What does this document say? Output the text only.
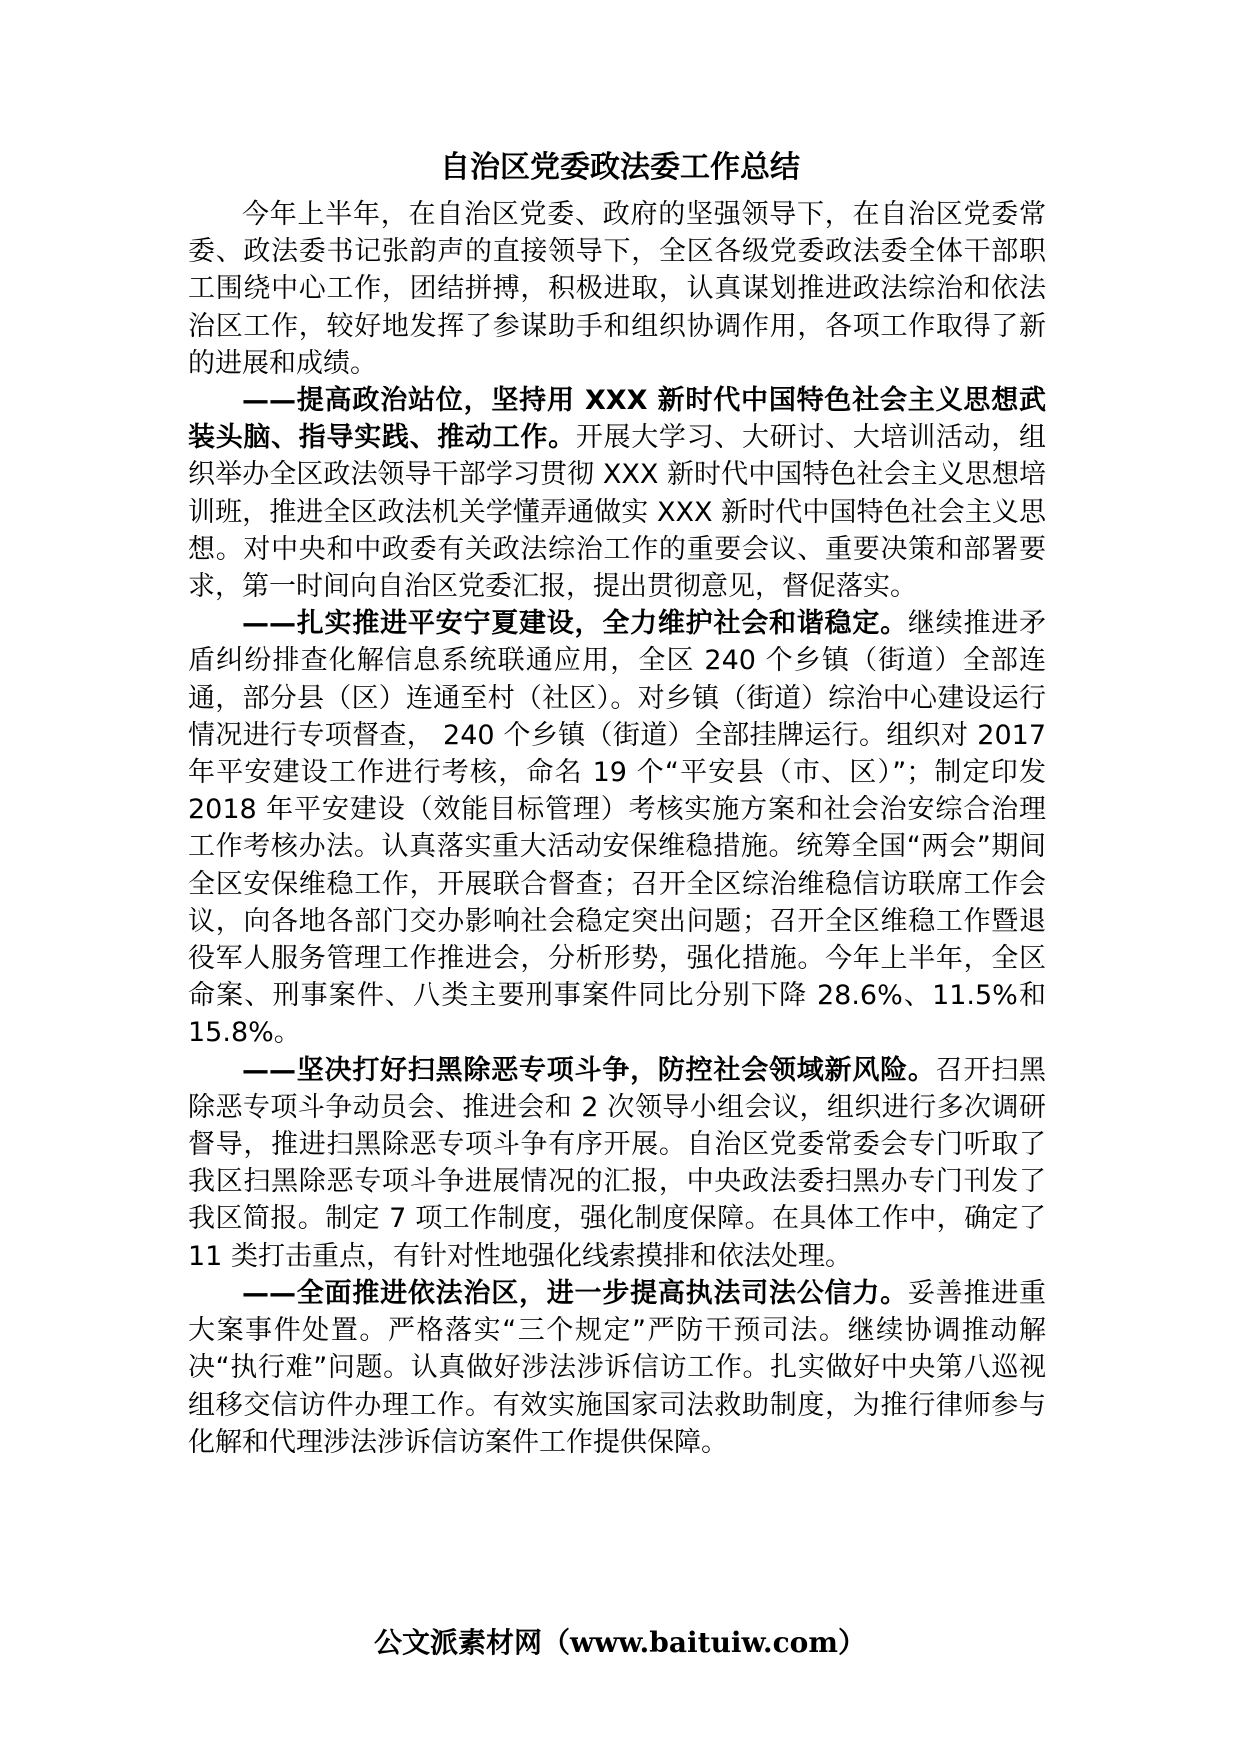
自治区党委政法委工作总结

今年上半年，在自治区党委、政府的坚强领导下，在自治区党委常委、政法委书记张韵声的直接领导下，全区各级党委政法委全体干部职工围绕中心工作，团结拼搏，积极进取，认真谋划推进政法综治和依法治区工作，较好地发挥了参谋助手和组织协调作用，各项工作取得了新的进展和成绩。

——提高政治站位，坚持用 XXX 新时代中国特色社会主义思想武装头脑、指导实践、推动工作。开展大学习、大研讨、大培训活动，组织举办全区政法领导干部学习贯彻 XXX 新时代中国特色社会主义思想培训班，推进全区政法机关学懂弄通做实 XXX 新时代中国特色社会主义思想。对中央和中政委有关政法综治工作的重要会议、重要决策和部署要求，第一时间向自治区党委汇报，提出贯彻意见，督促落实。

——扎实推进平安宁夏建设，全力维护社会和谐稳定。继续推进矛盾纠纷排查化解信息系统联通应用，全区 240 个乡镇（街道）全部连通，部分县（区）连通至村（社区）。对乡镇（街道）综治中心建设运行情况进行专项督查， 240 个乡镇（街道）全部挂牌运行。组织对 2017 年平安建设工作进行考核，命名 19 个“平安县（市、区）”；制定印发 2018 年平安建设（效能目标管理）考核实施方案和社会治安综合治理工作考核办法。认真落实重大活动安保维稳措施。统筹全国“两会”期间全区安保维稳工作，开展联合督查；召开全区综治维稳信访联席工作会议，向各地各部门交办影响社会稳定突出问题；召开全区维稳工作暨退役军人服务管理工作推进会，分析形势，强化措施。今年上半年，全区命案、刑事案件、八类主要刑事案件同比分别下降 28.6%、11.5%和 15.8%。

——坚决打好扫黑除恶专项斗争，防控社会领域新风险。召开扫黑除恶专项斗争动员会、推进会和 2 次领导小组会议，组织进行多次调研督导，推进扫黑除恶专项斗争有序开展。自治区党委常委会专门听取了我区扫黑除恶专项斗争进展情况的汇报，中央政法委扫黑办专门刊发了我区简报。制定 7 项工作制度，强化制度保障。在具体工作中，确定了 11 类打击重点，有针对性地强化线索摸排和依法处理。

——全面推进依法治区，进一步提高执法司法公信力。妥善推进重大案事件处置。严格落实“三个规定”严防干预司法。继续协调推动解决“执行难”问题。认真做好涉法涉诉信访工作。扎实做好中央第八巡视组移交信访件办理工作。有效实施国家司法救助制度，为推行律师参与化解和代理涉法涉诉信访案件工作提供保障。

公文派素材网（www.baituiw.com）
